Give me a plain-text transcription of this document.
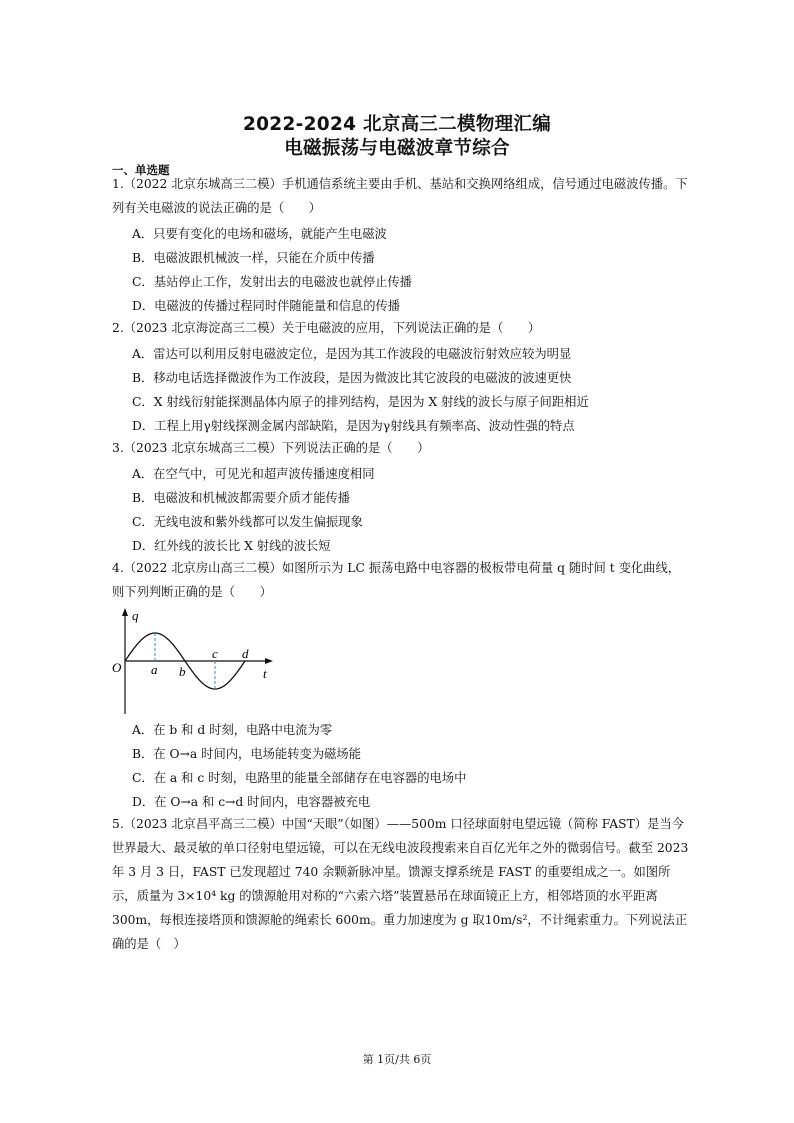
2022-2024 北京高三二模物理汇编
电磁振荡与电磁波章节综合
一、单选题
1.（2022 北京东城高三二模）手机通信系统主要由手机、基站和交换网络组成，信号通过电磁波传播。下列有关电磁波的说法正确的是（　　）
A．只要有变化的电场和磁场，就能产生电磁波
B．电磁波跟机械波一样，只能在介质中传播
C．基站停止工作，发射出去的电磁波也就停止传播
D．电磁波的传播过程同时伴随能量和信息的传播
2.（2023 北京海淀高三二模）关于电磁波的应用，下列说法正确的是（　　）
A．雷达可以利用反射电磁波定位，是因为其工作波段的电磁波衍射效应较为明显
B．移动电话选择微波作为工作波段，是因为微波比其它波段的电磁波的波速更快
C．X 射线衍射能探测晶体内原子的排列结构，是因为 X 射线的波长与原子间距相近
D．工程上用γ射线探测金属内部缺陷，是因为γ射线具有频率高、波动性强的特点
3.（2023 北京东城高三二模）下列说法正确的是（　　）
A．在空气中，可见光和超声波传播速度相同
B．电磁波和机械波都需要介质才能传播
C．无线电波和紫外线都可以发生偏振现象
D．红外线的波长比 X 射线的波长短
4.（2022 北京房山高三二模）如图所示为 LC 振荡电路中电容器的极板带电荷量 q 随时间 t 变化曲线，则下列判断正确的是（　　）
q
t
O a b
c d
A．在 b 和 d 时刻，电路中电流为零
B．在 O→a 时间内，电场能转变为磁场能
C．在 a 和 c 时刻，电路里的能量全部储存在电容器的电场中
D．在 O→a 和 c→d 时间内，电容器被充电
5.（2023 北京昌平高三二模）中国“天眼”（如图）——500m 口径球面射电望远镜（简称 FAST）是当今世界最大、最灵敏的单口径射电望远镜，可以在无线电波段搜索来自百亿光年之外的微弱信号。截至 2023 年 3 月 3 日，FAST 已发现超过 740 余颗新脉冲星。馈源支撑系统是 FAST 的重要组成之一。如图所示，质量为 3×10⁴ kg 的馈源舱用对称的“六索六塔”装置悬吊在球面镜正上方，相邻塔顶的水平距离 300m，每根连接塔顶和馈源舱的绳索长 600m。重力加速度为 g 取10m/s²，不计绳索重力。下列说法正确的是（　）
第 1页/共 6页
